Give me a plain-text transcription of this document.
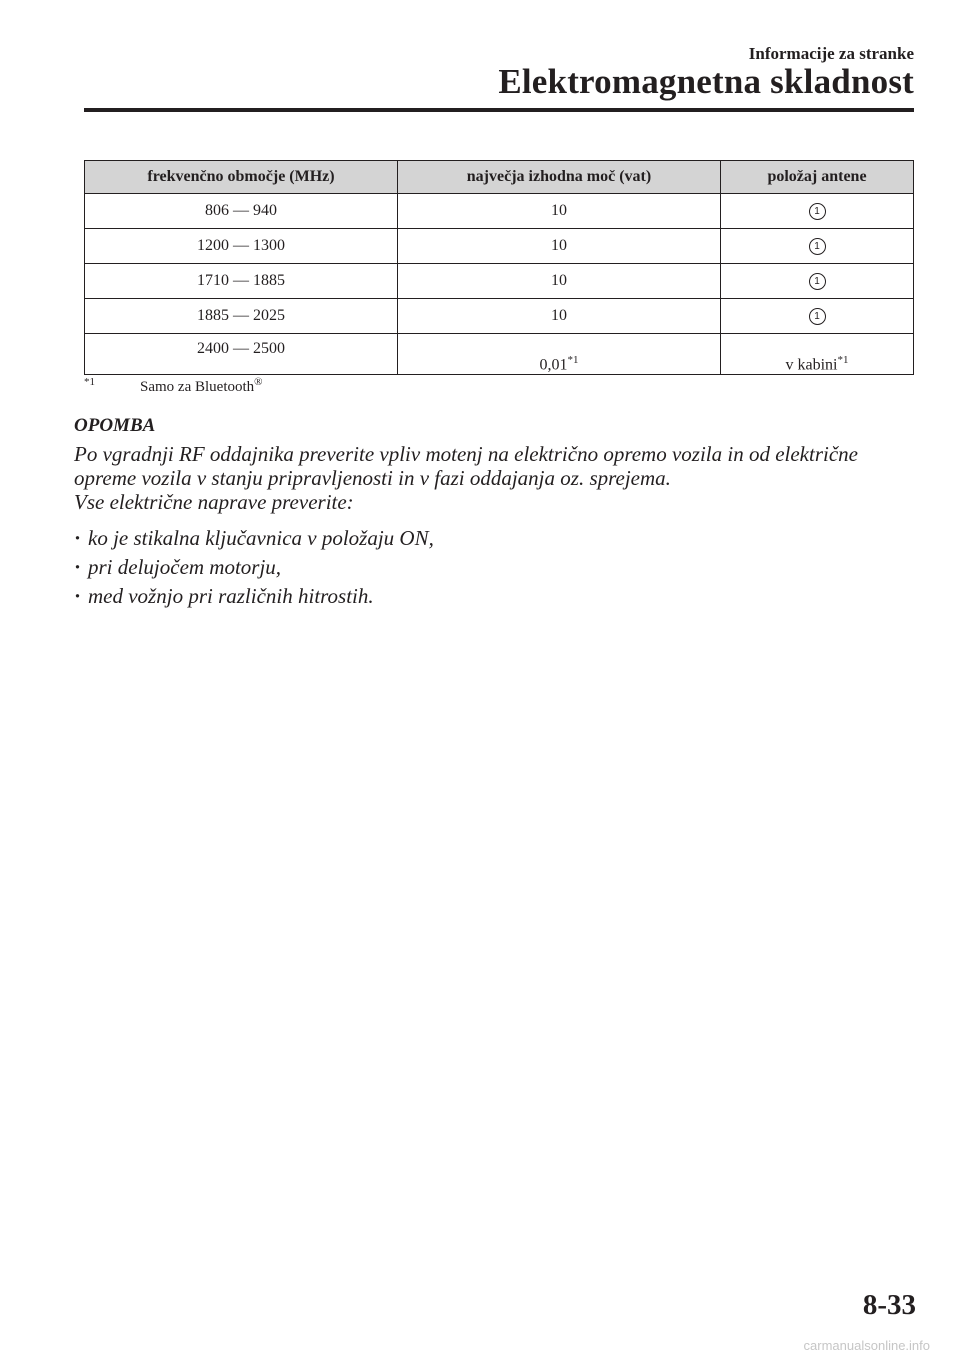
Informacije za stranke
Elektromagnetna skladnost
frekvenčno območje (MHz)	največja izhodna moč (vat)	položaj antene
806 — 940	10	1
1200 — 1300	10	1
1710 — 1885	10	1
1885 — 2025	10	1
2400 — 2500	0,01$^{*1}$	v kabini$^{*1}$
$^{*1}$	Samo za Bluetooth®
OPOMBA

Po vgradnji RF oddajnika preverite vpliv motenj na električno opremo vozila in od električne opreme vozila v stanju pripravljenosti in v fazi oddajanja oz. sprejema.

Vse električne naprave preverite:

· ko je stikalna ključavnica v položaju ON,
· pri delujočem motorju,
· med vožnjo pri različnih hitrostih.
8-33
carmanualsonline.info
